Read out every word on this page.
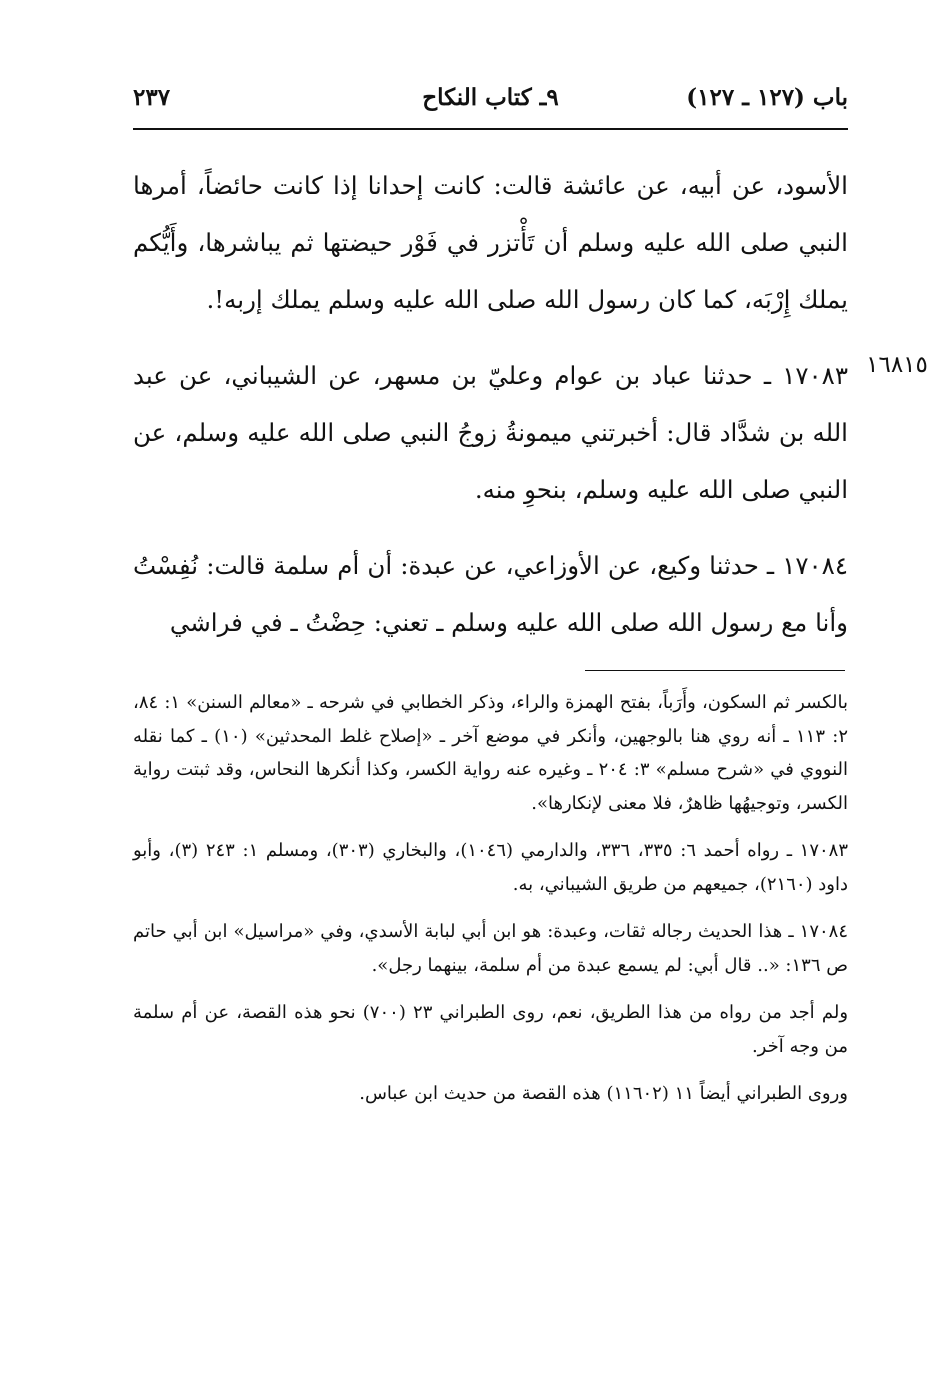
باب (١٢٧ ـ ١٢٧)
٩ـ كتاب النكاح
٢٣٧

الأسود، عن أبيه، عن عائشة قالت: كانت إحدانا إذا كانت حائضاً، أمرها النبي صلى الله عليه وسلم أن تَأْتزر في فَوْر حيضتها ثم يباشرها، وأَيُّكم يملك إِرْبَه، كما كان رسول الله صلى الله عليه وسلم يملك إربه!.

١٧٠٨٣ ـ حدثنا عباد بن عوام وعليّ بن مسهر، عن الشيباني، عن عبد الله بن شدَّاد قال: أخبرتني ميمونةُ زوجُ النبي صلى الله عليه وسلم، عن النبي صلى الله عليه وسلم، بنحوِ منه.

١٧٠٨٤ ـ حدثنا وكيع، عن الأوزاعي، عن عبدة: أن أم سلمة قالت: نُفِسْتُ وأنا مع رسول الله صلى الله عليه وسلم ـ تعني: حِضْتُ ـ في فراشي

١٦٨١٥

بالكسر ثم السكون، وأَرَباً، بفتح الهمزة والراء، وذكر الخطابي في شرحه ـ «معالم السنن» ١: ٨٤، ٢: ١١٣ ـ أنه روي هنا بالوجهين، وأنكر في موضع آخر ـ «إصلاح غلط المحدثين» (١٠) ـ كما نقله النووي في «شرح مسلم» ٣: ٢٠٤ ـ وغيره عنه رواية الكسر، وكذا أنكرها النحاس، وقد ثبتت رواية الكسر، وتوجيهُها ظاهرٌ، فلا معنى لإنكارها».

١٧٠٨٣ ـ رواه أحمد ٦: ٣٣٥، ٣٣٦، والدارمي (١٠٤٦)، والبخاري (٣٠٣)، ومسلم ١: ٢٤٣ (٣)، وأبو داود (٢١٦٠)، جميعهم من طريق الشيباني، به.

١٧٠٨٤ ـ هذا الحديث رجاله ثقات، وعبدة: هو ابن أبي لبابة الأسدي، وفي «مراسيل» ابن أبي حاتم ص ١٣٦: «.. قال أبي: لم يسمع عبدة من أم سلمة، بينهما رجل».

ولم أجد من رواه من هذا الطريق، نعم، روى الطبراني ٢٣ (٧٠٠) نحو هذه القصة، عن أم سلمة من وجه آخر.

وروى الطبراني أيضاً ١١ (١١٦٠٢) هذه القصة من حديث ابن عباس.
